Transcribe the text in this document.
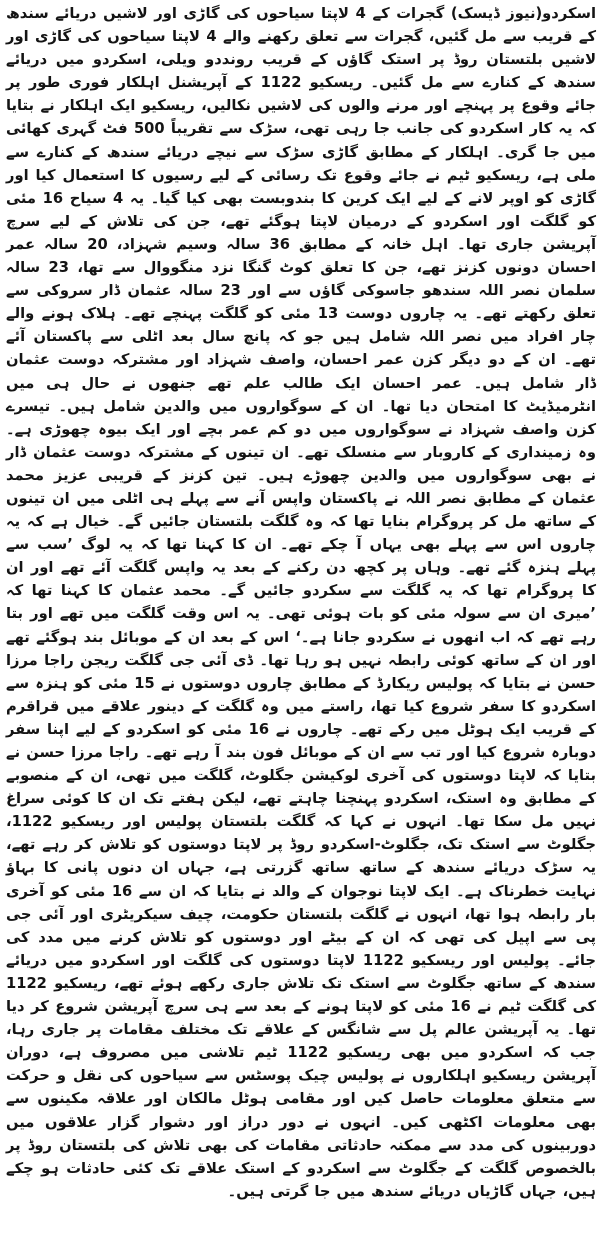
اسکردو(نیوز ڈیسک) گجرات کے 4 لاپتا سیاحوں کی گاڑی اور لاشیں دریائے سندھ کے قریب سے مل گئیں، گجرات سے تعلق رکھنے والے 4 لاپتا سیاحوں کی گاڑی اور لاشیں بلتستان روڈ پر استک گاؤں کے قریب رونددو ویلی، اسکردو میں دریائے سندھ کے کنارے سے مل گئیں۔ ریسکیو 1122 کے آپریشنل اہلکار فوری طور پر جائے وقوع پر پہنچے اور مرنے والوں کی لاشیں نکالیں، ریسکیو ایک اہلکار نے بتایا کہ یہ کار اسکردو کی جانب جا رہی تھی، سڑک سے تقریباً 500 فٹ گہری کھائی میں جا گری۔ اہلکار کے مطابق گاڑی سڑک سے نیچے دریائے سندھ کے کنارے سے ملی ہے، ریسکیو ٹیم نے جائے وقوع تک رسائی کے لیے رسیوں کا استعمال کیا اور گاڑی کو اوپر لانے کے لیے ایک کرین کا بندوبست بھی کیا گیا۔ یہ 4 سیاح 16 مئی کو گلگت اور اسکردو کے درمیان لاپتا ہوگئے تھے، جن کی تلاش کے لیے سرچ آپریشن جاری تھا۔ اہل خانہ کے مطابق 36 سالہ وسیم شہزاد، 20 سالہ عمر احسان دونوں کزنز تھے، جن کا تعلق کوٹ گنگا نزد منگووال سے تھا، 23 سالہ سلمان نصر اللہ سندھو جاسوکی گاؤں سے اور 23 سالہ عثمان ڈار سروکی سے تعلق رکھتے تھے۔ یہ چاروں دوست 13 مئی کو گلگت پہنچے تھے۔ ہلاک ہونے والے چار افراد میں نصر اللہ شامل ہیں جو کہ پانچ سال بعد اٹلی سے پاکستان آئے تھے۔ ان کے دو دیگر کزن عمر احسان، واصف شہزاد اور مشترکہ دوست عثمان ڈار شامل ہیں۔ عمر احسان ایک طالب علم تھے جنھوں نے حال ہی میں انٹرمیڈیٹ کا امتحان دیا تھا۔ ان کے سوگواروں میں والدین شامل ہیں۔ تیسرے کزن واصف شہزاد نے سوگواروں میں دو کم عمر بچے اور ایک بیوہ چھوڑی ہے۔ وہ زمینداری کے کاروبار سے منسلک تھے۔ ان تینوں کے مشترکہ دوست عثمان ڈار نے بھی سوگواروں میں والدین چھوڑے ہیں۔ تین کزنز کے قریبی عزیز محمد عثمان کے مطابق نصر اللہ نے پاکستان واپس آنے سے پہلے ہی اٹلی میں ان تینوں کے ساتھ مل کر پروگرام بنایا تھا کہ وہ گلگت بلتستان جائیں گے۔ خیال ہے کہ یہ چاروں اس سے پہلے بھی یہاں آ چکے تھے۔ ان کا کہنا تھا کہ یہ لوگ ’سب سے پہلے ہنزہ گئے تھے۔ وہاں پر کچھ دن رکنے کے بعد یہ واپس گلگت آئے تھے اور ان کا پروگرام تھا کہ یہ گلگت سے سکردو جائیں گے۔ محمد عثمان کا کہنا تھا کہ ’میری ان سے سولہ مئی کو بات ہوئی تھی۔ یہ اس وقت گلگت میں تھے اور بتا رہے تھے کہ اب انھوں نے سکردو جانا ہے۔‘ اس کے بعد ان کے موبائل بند ہوگئے تھے اور ان کے ساتھ کوئی رابطہ نہیں ہو رہا تھا۔ ڈی آئی جی گلگت ریجن راجا مرزا حسن نے بتایا کہ پولیس ریکارڈ کے مطابق چاروں دوستوں نے 15 مئی کو ہنزہ سے اسکردو کا سفر شروع کیا تھا، راستے میں وہ گلگت کے دینور علاقے میں قراقرم کے قریب ایک ہوٹل میں رکے تھے۔ چاروں نے 16 مئی کو اسکردو کے لیے اپنا سفر دوبارہ شروع کیا اور تب سے ان کے موبائل فون بند آ رہے تھے۔ راجا مرزا حسن نے بتایا کہ لاپتا دوستوں کی آخری لوکیشن جگلوٹ، گلگت میں تھی، ان کے منصوبے کے مطابق وہ استک، اسکردو پہنچنا چاہتے تھے، لیکن ہفتے تک ان کا کوئی سراغ نہیں مل سکا تھا۔ انہوں نے کہا کہ گلگت بلتستان پولیس اور ریسکیو 1122، جگلوٹ سے استک تک، جگلوٹ-اسکردو روڈ پر لاپتا دوستوں کو تلاش کر رہے تھے، یہ سڑک دریائے سندھ کے ساتھ ساتھ گزرتی ہے، جہاں ان دنوں پانی کا بہاؤ نہایت خطرناک ہے۔ ایک لاپتا نوجوان کے والد نے بتایا کہ ان سے 16 مئی کو آخری بار رابطہ ہوا تھا، انہوں نے گلگت بلتستان حکومت، چیف سیکریٹری اور آئی جی پی سے اپیل کی تھی کہ ان کے بیٹے اور دوستوں کو تلاش کرنے میں مدد کی جائے۔ پولیس اور ریسکیو 1122 لاپتا دوستوں کی گلگت اور اسکردو میں دریائے سندھ کے ساتھ جگلوٹ سے استک تک تلاش جاری رکھے ہوئے تھے، ریسکیو 1122 کی گلگت ٹیم نے 16 مئی کو لاپتا ہونے کے بعد سے ہی سرچ آپریشن شروع کر دیا تھا۔ یہ آپریشن عالم پل سے شانگس کے علاقے تک مختلف مقامات پر جاری رہا، جب کہ اسکردو میں بھی ریسکیو 1122 ٹیم تلاشی میں مصروف ہے، دوران آپریشن ریسکیو اہلکاروں نے پولیس چیک پوسٹس سے سیاحوں کی نقل و حرکت سے متعلق معلومات حاصل کیں اور مقامی ہوٹل مالکان اور علاقہ مکینوں سے بھی معلومات اکٹھی کیں۔ انہوں نے دور دراز اور دشوار گزار علاقوں میں دوربینوں کی مدد سے ممکنہ حادثاتی مقامات کی بھی تلاش کی بلتستان روڈ پر بالخصوص گلگت کے جگلوٹ سے اسکردو کے استک علاقے تک کئی حادثات ہو چکے ہیں، جہاں گاڑیاں دریائے سندھ میں جا گرتی ہیں۔
